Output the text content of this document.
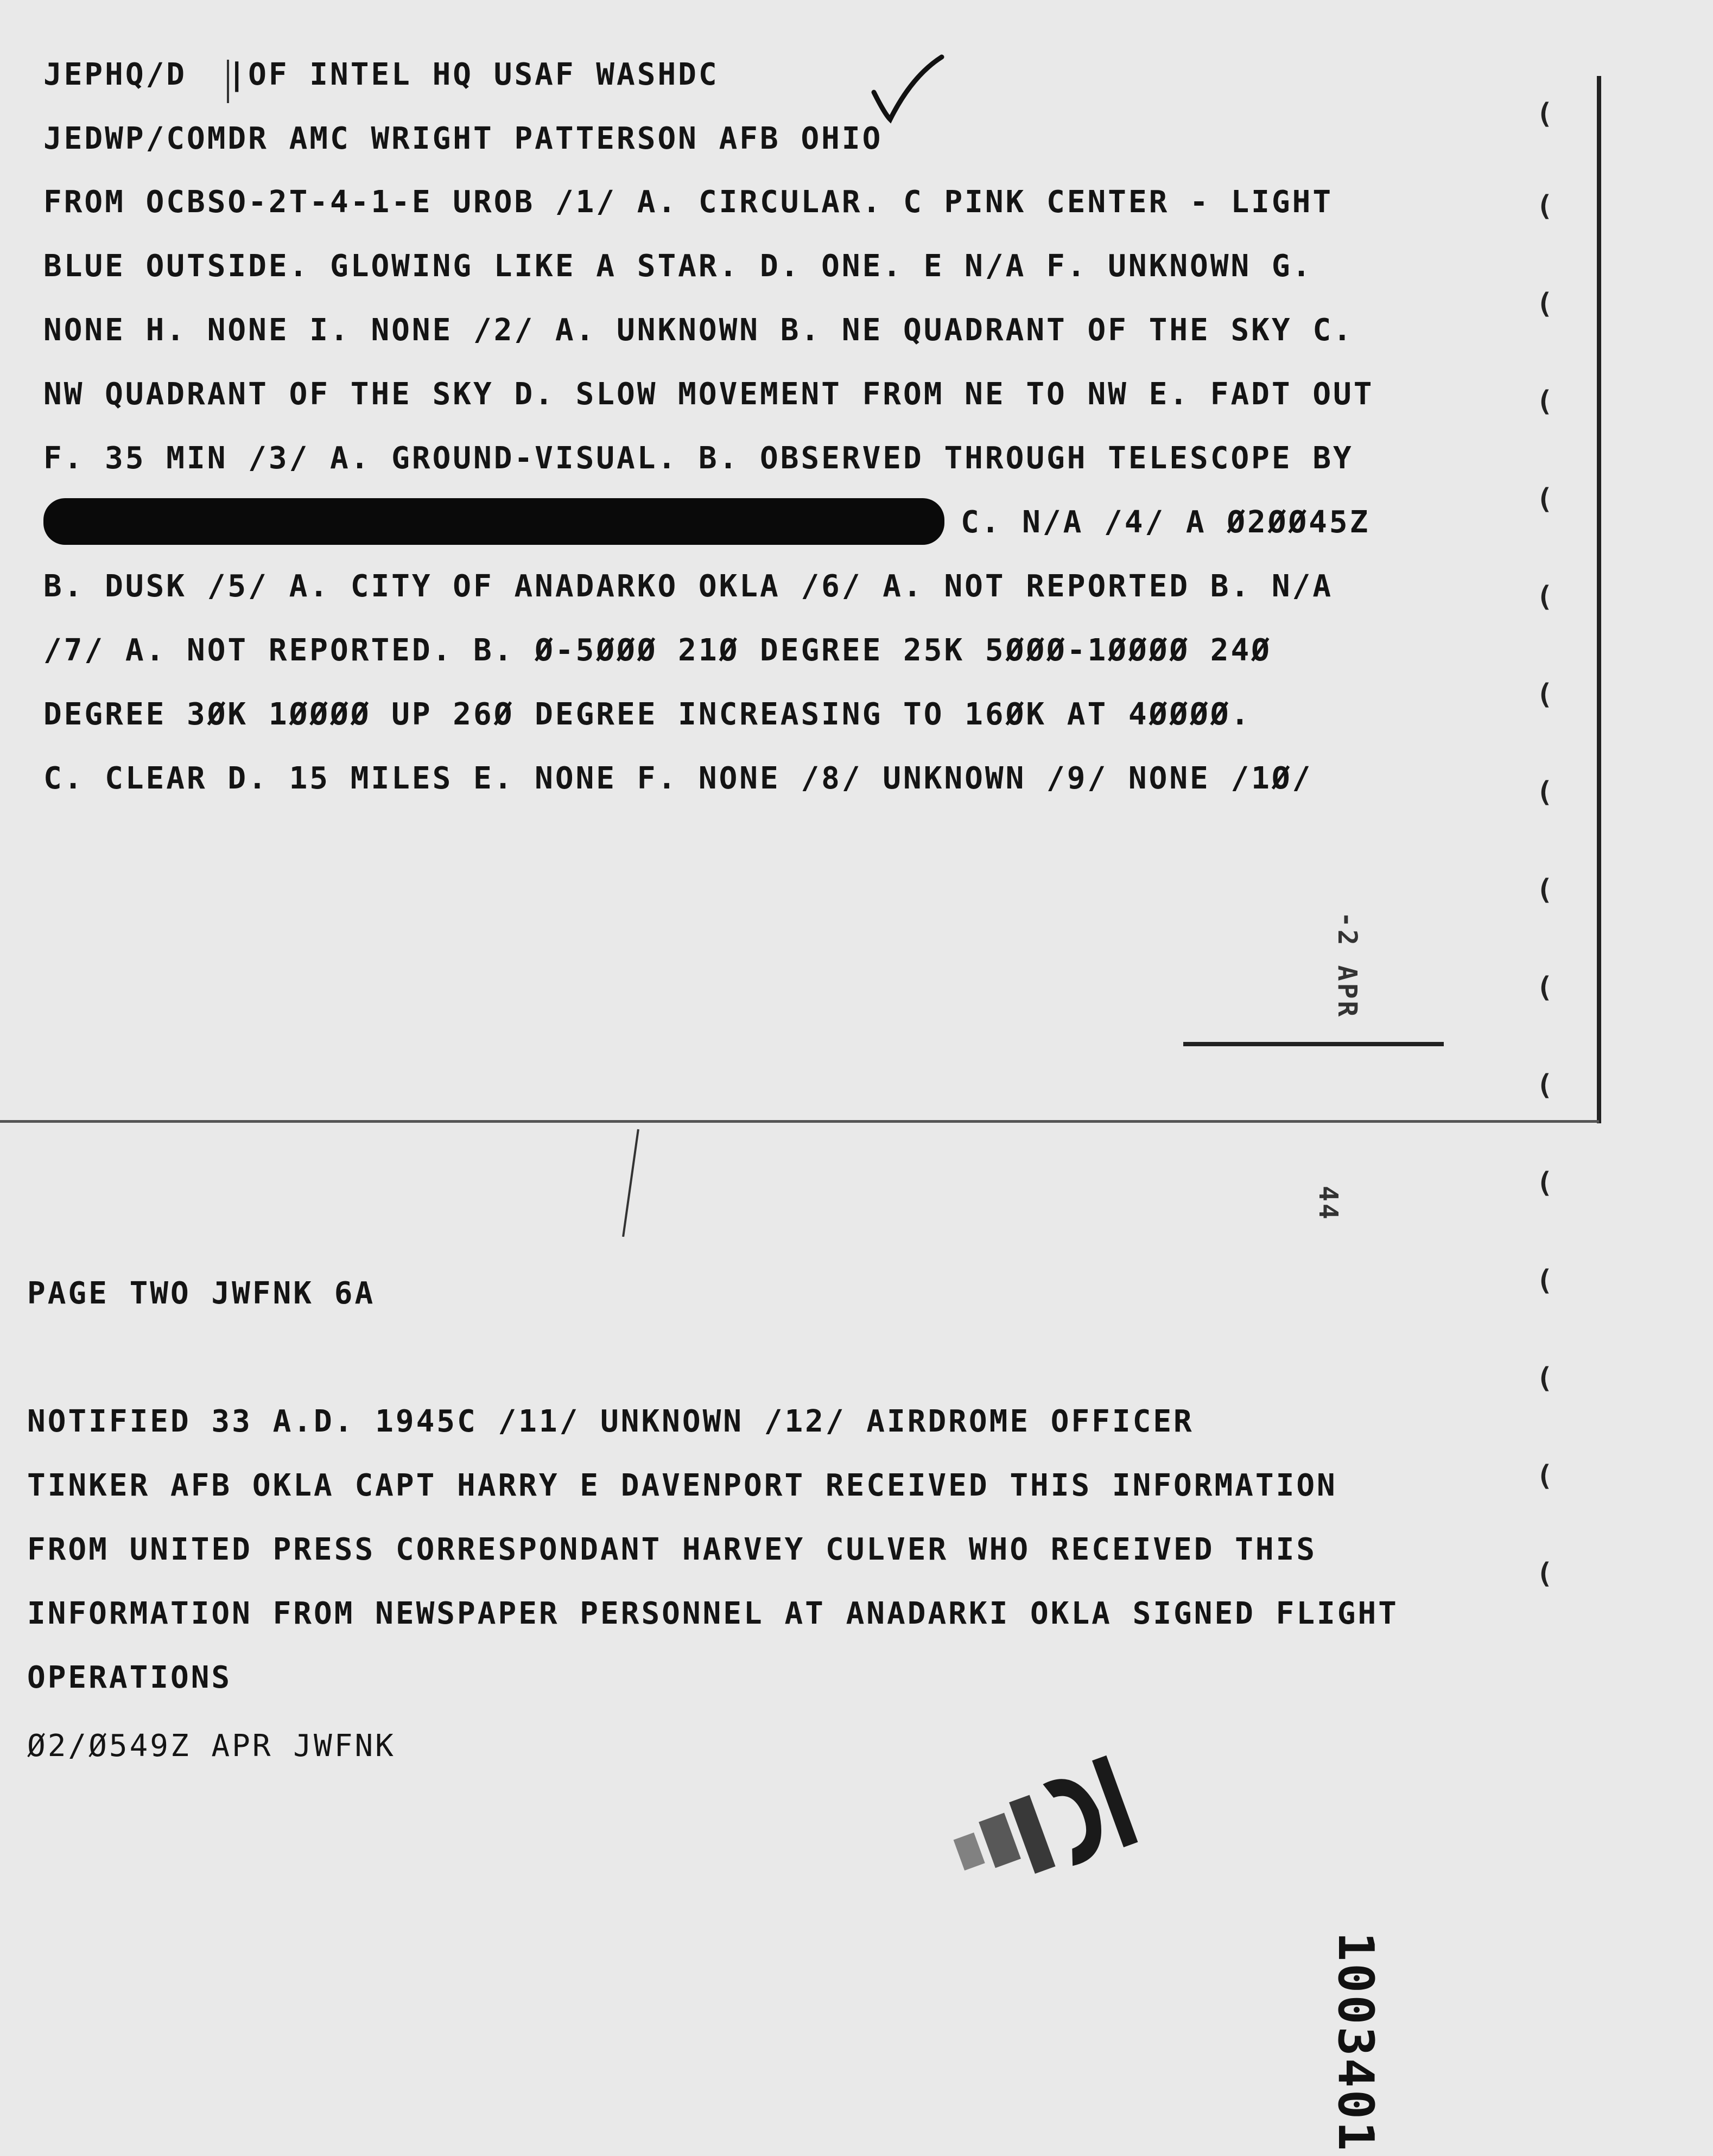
JEPHQ/D  |OF INTEL HQ USAF WASHDC
JEDWP/COMDR AMC WRIGHT PATTERSON AFB OHIO
FROM OCBSO-2T-4-1-E UROB /1/ A. CIRCULAR. C PINK CENTER - LIGHT
BLUE OUTSIDE. GLOWING LIKE A STAR. D. ONE. E N/A F. UNKNOWN G.
NONE H. NONE I. NONE /2/ A. UNKNOWN B. NE QUADRANT OF THE SKY C.
NW QUADRANT OF THE SKY D. SLOW MOVEMENT FROM NE TO NW E. FADT OUT
F. 35 MIN /3/ A. GROUND-VISUAL. B. OBSERVED THROUGH TELESCOPE BY
C. N/A /4/ A Ø2ØØ45Z
B. DUSK /5/ A. CITY OF ANADARKO OKLA /6/ A. NOT REPORTED B. N/A
/7/ A. NOT REPORTED. B. Ø-5ØØØ 21Ø DEGREE 25K 5ØØØ-1ØØØØ 24Ø
DEGREE 3ØK 1ØØØØ UP 26Ø DEGREE INCREASING TO 16ØK AT 4ØØØØ.
C. CLEAR D. 15 MILES E. NONE F. NONE /8/ UNKNOWN /9/ NONE /1Ø/
-2 APR
44
PAGE TWO JWFNK 6A
NOTIFIED 33 A.D. 1945C /11/ UNKNOWN /12/ AIRDROME OFFICER
TINKER AFB OKLA CAPT HARRY E DAVENPORT RECEIVED THIS INFORMATION
FROM UNITED PRESS CORRESPONDANT HARVEY CULVER WHO RECEIVED THIS
INFORMATION FROM NEWSPAPER PERSONNEL AT ANADARKI OKLA SIGNED FLIGHT
OPERATIONS
Ø2/Ø549Z APR JWFNK
(
(
(
(
(
(
(
(
(
(
(
(
(
(
(
(
1003401
